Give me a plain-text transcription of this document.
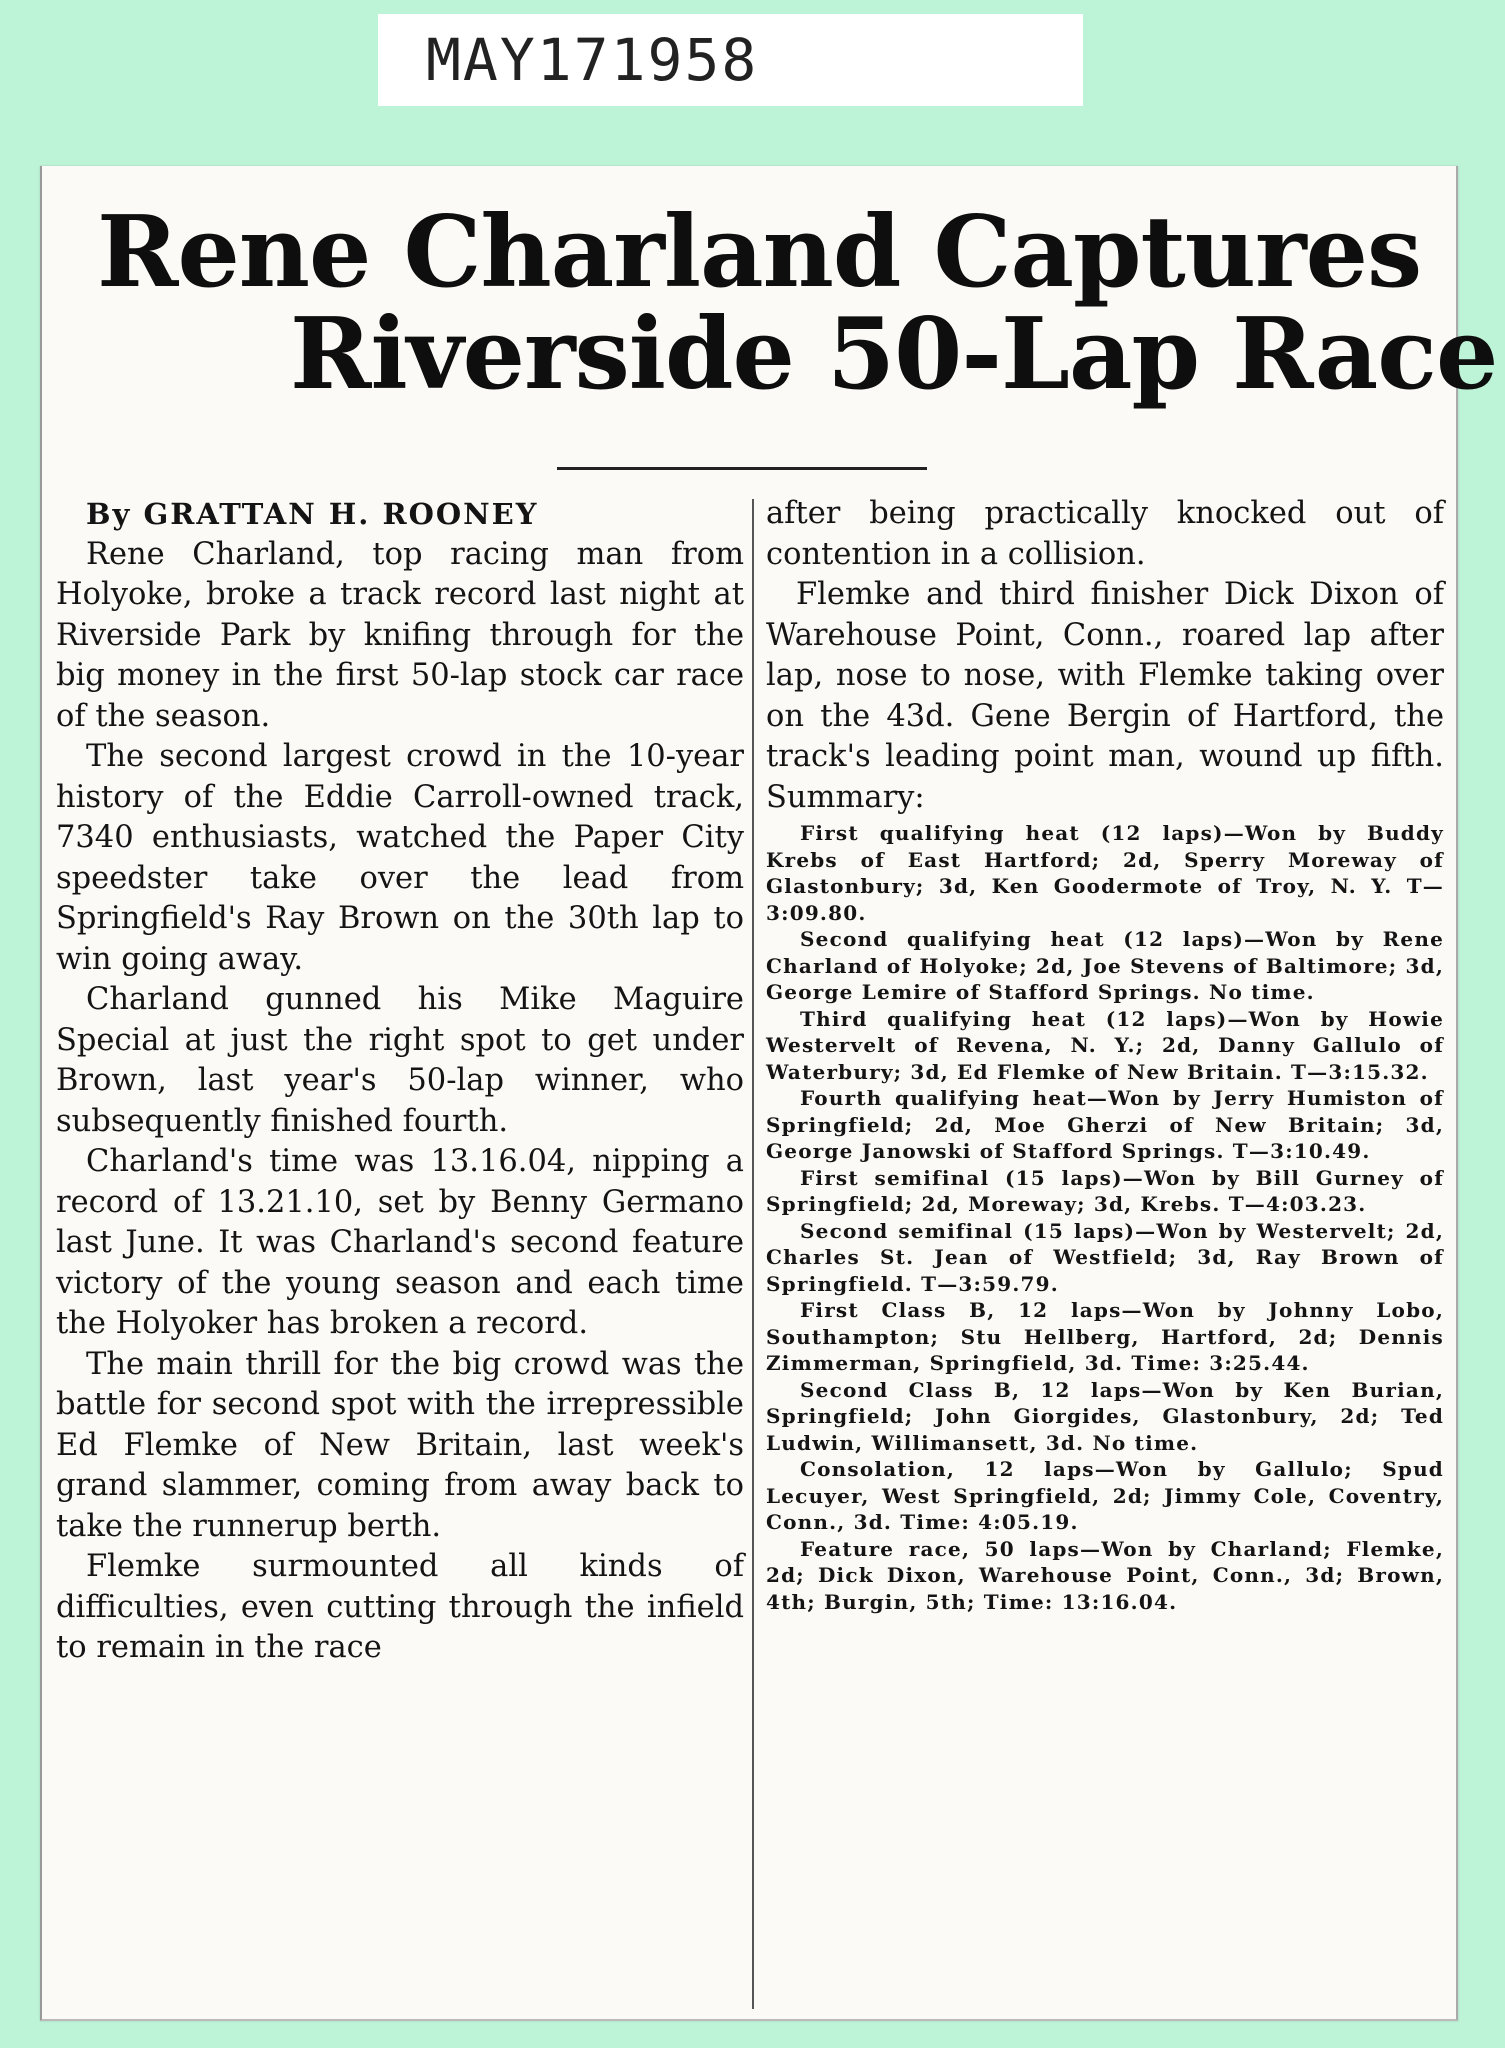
MAY 17 1958
Rene Charland Captures
Riverside 50-Lap Race
By GRATTAN H. ROONEY

Rene Charland, top racing man from Holyoke, broke a track record last night at Riverside Park by knifing through for the big money in the first 50-lap stock car race of the season.

The second largest crowd in the 10-year history of the Eddie Carroll-owned track, 7340 enthusiasts, watched the Paper City speedster take over the lead from Springfield's Ray Brown on the 30th lap to win going away.

Charland gunned his Mike Maguire Special at just the right spot to get under Brown, last year's 50-lap winner, who subsequently finished fourth.

Charland's time was 13.16.04, nipping a record of 13.21.10, set by Benny Germano last June. It was Charland's second feature victory of the young season and each time the Holyoker has broken a record.

The main thrill for the big crowd was the battle for second spot with the irrepressible Ed Flemke of New Britain, last week's grand slammer, coming from away back to take the runnerup berth.

Flemke surmounted all kinds of difficulties, even cutting through the infield to remain in the race

after being practically knocked out of contention in a collision.

Flemke and third finisher Dick Dixon of Warehouse Point, Conn., roared lap after lap, nose to nose, with Flemke taking over on the 43d. Gene Bergin of Hartford, the track's leading point man, wound up fifth. Summary:

First qualifying heat (12 laps)—Won by Buddy Krebs of East Hartford; 2d, Sperry Moreway of Glastonbury; 3d, Ken Goodermote of Troy, N. Y. T—3:09.80.

Second qualifying heat (12 laps)—Won by Rene Charland of Holyoke; 2d, Joe Stevens of Baltimore; 3d, George Lemire of Stafford Springs. No time.

Third qualifying heat (12 laps)—Won by Howie Westervelt of Revena, N. Y.; 2d, Danny Gallulo of Waterbury; 3d, Ed Flemke of New Britain. T—3:15.32.

Fourth qualifying heat—Won by Jerry Humiston of Springfield; 2d, Moe Gherzi of New Britain; 3d, George Janowski of Stafford Springs. T—3:10.49.

First semifinal (15 laps)—Won by Bill Gurney of Springfield; 2d, Moreway; 3d, Krebs. T—4:03.23.

Second semifinal (15 laps)—Won by Westervelt; 2d, Charles St. Jean of Westfield; 3d, Ray Brown of Springfield. T—3:59.79.

First Class B, 12 laps—Won by Johnny Lobo, Southampton; Stu Hellberg, Hartford, 2d; Dennis Zimmerman, Springfield, 3d. Time: 3:25.44.

Second Class B, 12 laps—Won by Ken Burian, Springfield; John Giorgides, Glastonbury, 2d; Ted Ludwin, Willimansett, 3d. No time.

Consolation, 12 laps—Won by Gallulo; Spud Lecuyer, West Springfield, 2d; Jimmy Cole, Coventry, Conn., 3d. Time: 4:05.19.

Feature race, 50 laps—Won by Charland; Flemke, 2d; Dick Dixon, Warehouse Point, Conn., 3d; Brown, 4th; Burgin, 5th; Time: 13:16.04.
